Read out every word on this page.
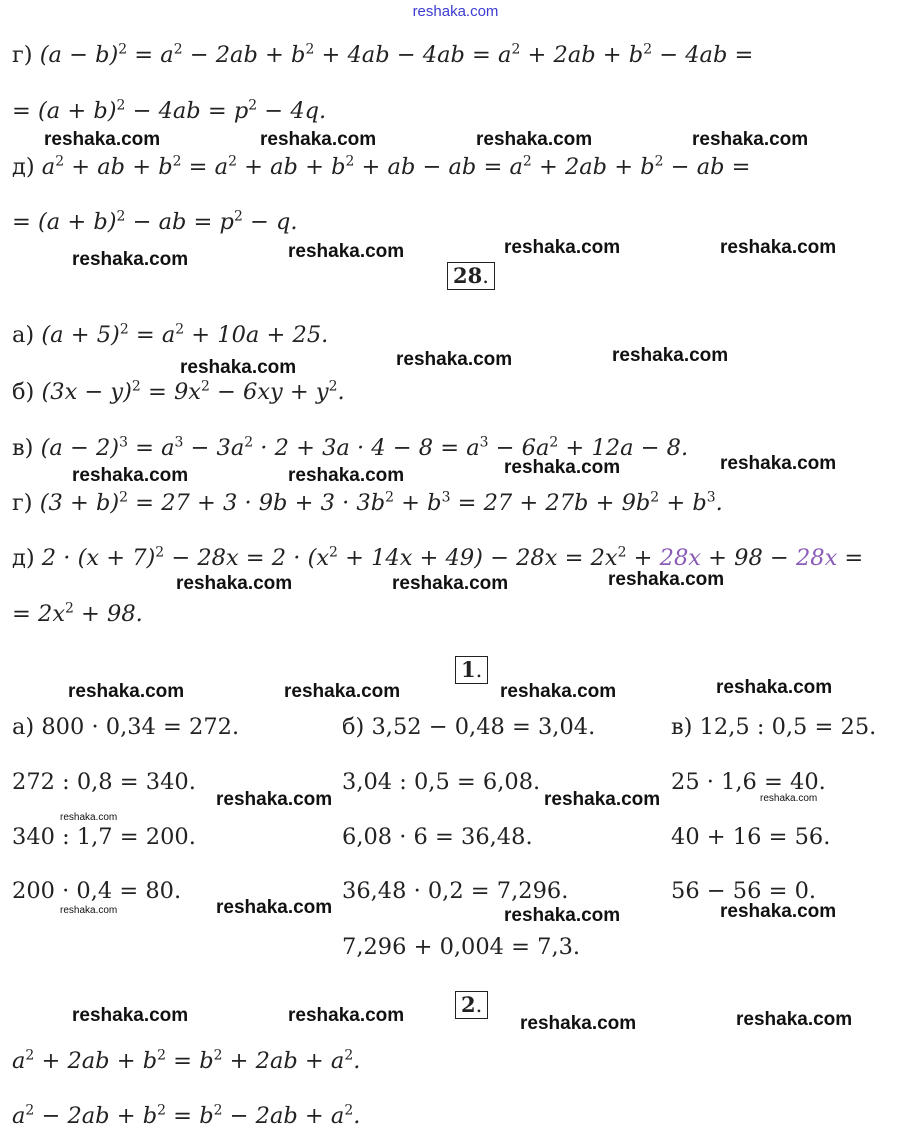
reshaka.com
г) $(a - b)^2 = a^2 - 2ab + b^2 + 4ab - 4ab = a^2 + 2ab + b^2 - 4ab$ =
= $(a + b)^2 - 4ab = p^2 - 4q$.
д) $a^2$ + ab + $b^2 = a^2$ + ab + $b^2$ + ab − ab = $a^2 + 2ab + b^2$ − ab =
= $(a + b)^2$ − ab = $p^2 - q$.
28.
а) $(a + 5)^2 = a^2 + 10a + 25$.
б) $(3x - y)^2 = 9x^2 - 6xy + y^2$.
в) $(a - 2)^3 = a^3 - 3a^2 \cdot 2 + 3a \cdot 4 - 8 = a^3 - 6a^2 + 12a - 8$.
г) $(3 + b)^2 = 27 + 3 \cdot 9b + 3 \cdot 3b^2 + b^3 = 27 + 27b + 9b^2 + b^3$.
д) $2 \cdot (x + 7)^2 - 28x = 2 \cdot (x^2 + 14x + 49) - 28x = 2x^2 + 28x + 98 - 28x$ =
= $2x^2 + 98$.
1.
а) 800 · 0,34 = 272.
272 : 0,8 = 340.
340 : 1,7 = 200.
200 · 0,4 = 80.
б) 3,52 − 0,48 = 3,04.
3,04 : 0,5 = 6,08.
6,08 · 6 = 36,48.
36,48 · 0,2 = 7,296.
7,296 + 0,004 = 7,3.
в) 12,5 : 0,5 = 25.
25 · 1,6 = 40.
40 + 16 = 56.
56 − 56 = 0.
2.
$a^2 + 2ab + b^2 = b^2 + 2ab + a^2$.
$a^2 - 2ab + b^2 = b^2 - 2ab + a^2$.
reshaka.com	reshaka.com	reshaka.com	reshaka.com
reshaka.com	reshaka.com	reshaka.com	reshaka.com
reshaka.com	reshaka.com	reshaka.com
reshaka.com	reshaka.com	reshaka.com	reshaka.com
reshaka.com	reshaka.com	reshaka.com
reshaka.com	reshaka.com	reshaka.com	reshaka.com
reshaka.com	reshaka.com
reshaka.com
reshaka.com
reshaka.com	reshaka.com	reshaka.com
reshaka.com
reshaka.com	reshaka.com	reshaka.com	reshaka.com
